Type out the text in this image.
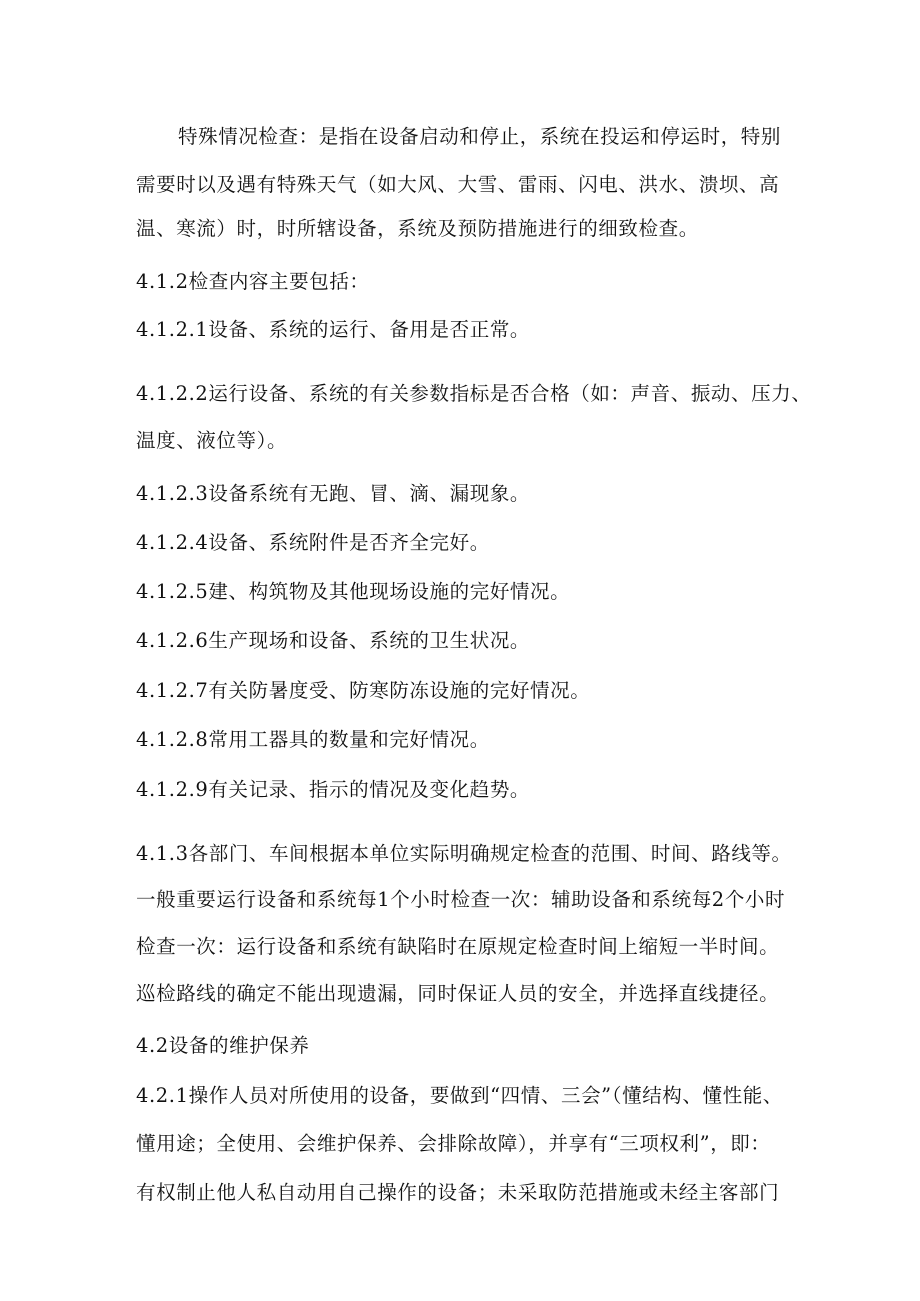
特殊情况检查：是指在设备启动和停止，系统在投运和停运时，特别
需要时以及遇有特殊天气（如大风、大雪、雷雨、闪电、洪水、溃坝、高
温、寒流）时，时所辖设备，系统及预防措施进行的细致检查。
4.1.2检查内容主要包括：
4.1.2.1设备、系统的运行、备用是否正常。
4.1.2.2运行设备、系统的有关参数指标是否合格（如：声音、振动、压力、
温度、液位等）。
4.1.2.3设备系统有无跑、冒、滴、漏现象。
4.1.2.4设备、系统附件是否齐全完好。
4.1.2.5建、构筑物及其他现场设施的完好情况。
4.1.2.6生产现场和设备、系统的卫生状况。
4.1.2.7有关防暑度受、防寒防冻设施的完好情况。
4.1.2.8常用工器具的数量和完好情况。
4.1.2.9有关记录、指示的情况及变化趋势。
4.1.3各部门、车间根据本单位实际明确规定检查的范围、时间、路线等。
一般重要运行设备和系统每1个小时检查一次：辅助设备和系统每2个小时
检查一次：运行设备和系统有缺陷时在原规定检查时间上缩短一半时间。
巡检路线的确定不能出现遗漏，同时保证人员的安全，并选择直线捷径。
4.2设备的维护保养
4.2.1操作人员对所使用的设备，要做到“四情、三会”（懂结构、懂性能、
懂用途；全使用、会维护保养、会排除故障），并享有“三项权利”，即：
有权制止他人私自动用自己操作的设备；未采取防范措施或未经主客部门
